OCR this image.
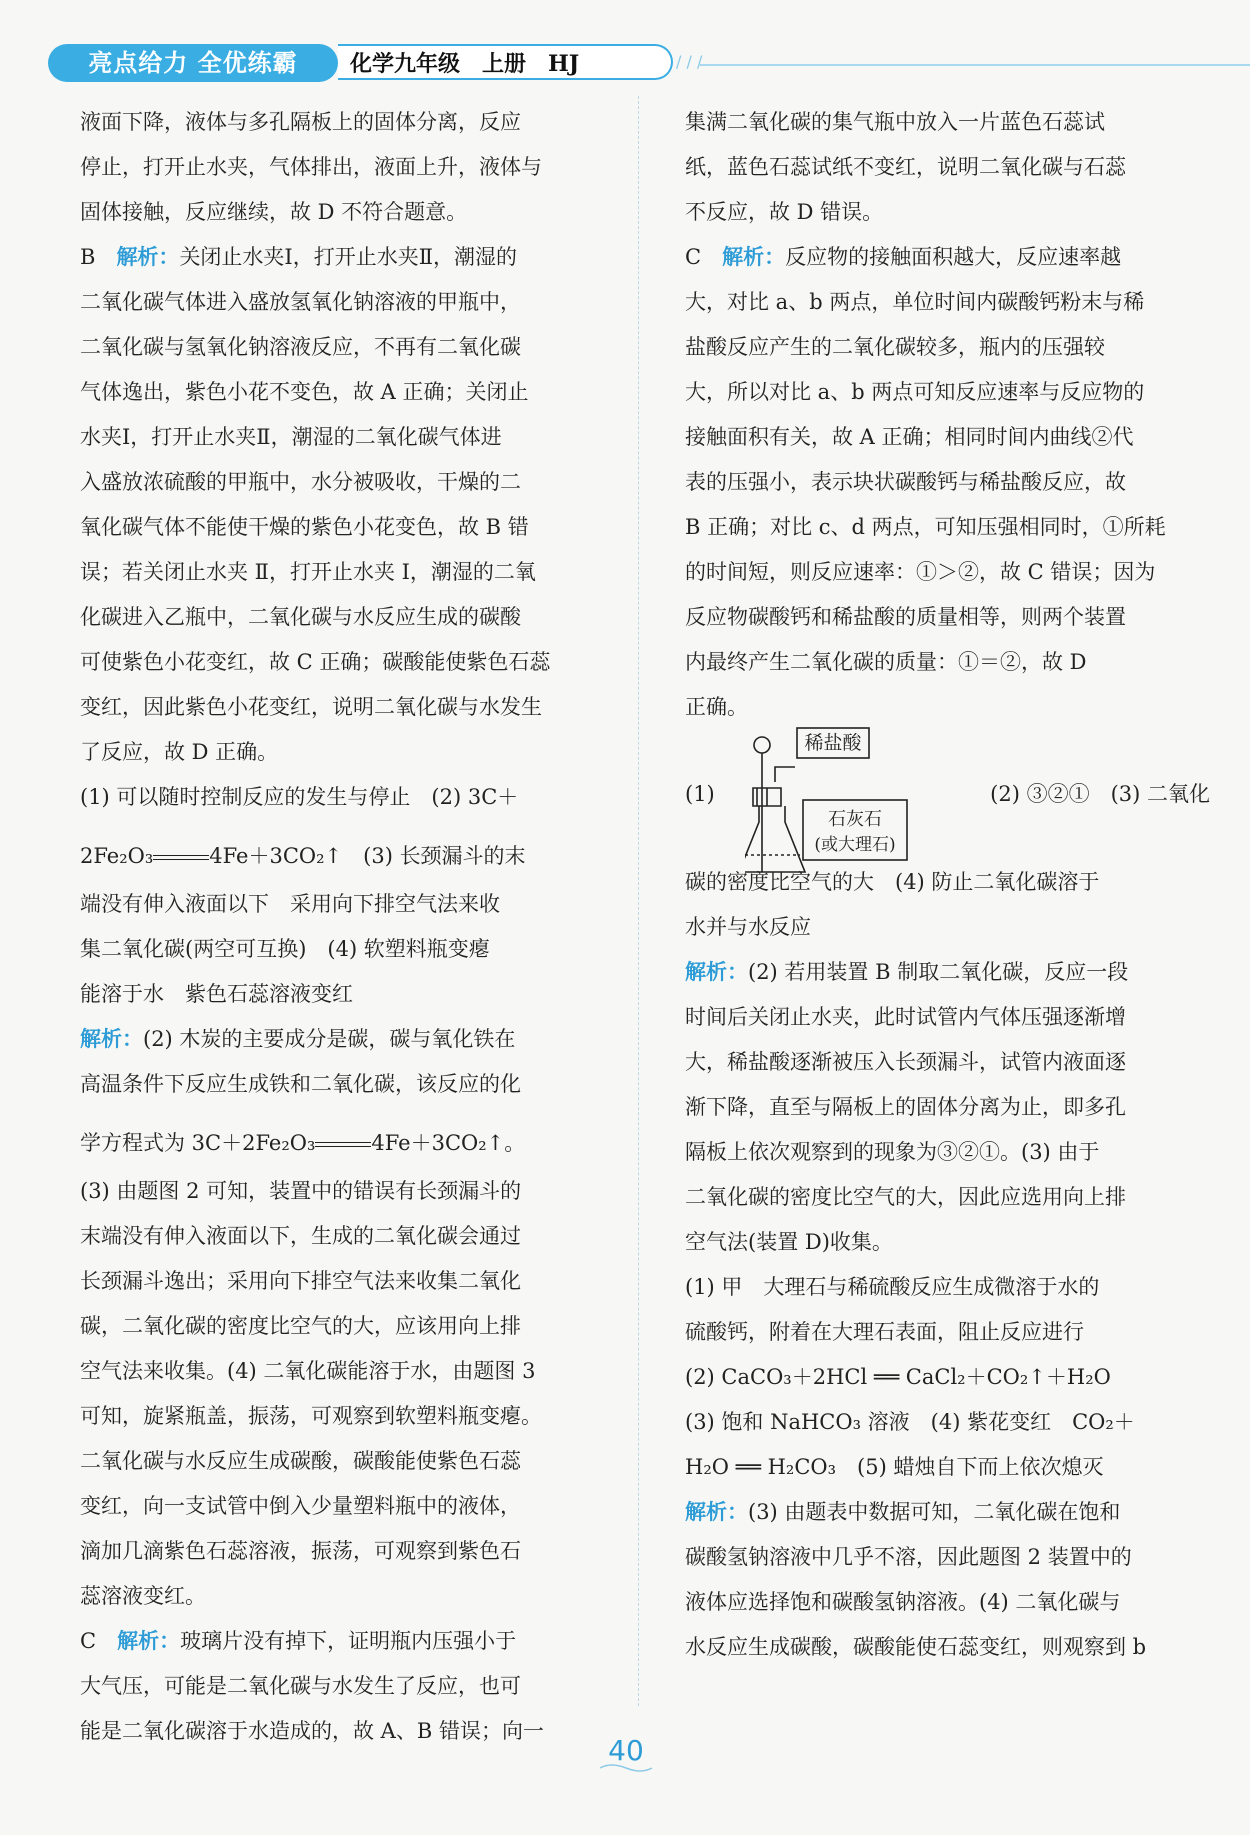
亮点给力 全优练霸	化学九年级　上册 HJ	/ / /
液面下降，液体与多孔隔板上的固体分离，反应
停止，打开止水夹，气体排出，液面上升，液体与
固体接触，反应继续，故 D 不符合题意。
B　 解析：关闭止水夹Ⅰ，打开止水夹Ⅱ，潮湿的
二氧化碳气体进入盛放氢氧化钠溶液的甲瓶中，
二氧化碳与氢氧化钠溶液反应，不再有二氧化碳
气体逸出，紫色小花不变色，故 A 正确；关闭止
水夹Ⅰ，打开止水夹Ⅱ，潮湿的二氧化碳气体进
入盛放浓硫酸的甲瓶中，水分被吸收，干燥的二
氧化碳气体不能使干燥的紫色小花变色，故 B 错
误；若关闭止水夹 Ⅱ，打开止水夹 Ⅰ，潮湿的二氧
化碳进入乙瓶中，二氧化碳与水反应生成的碳酸
可使紫色小花变红，故 C 正确；碳酸能使紫色石蕊
变红，因此紫色小花变红，说明二氧化碳与水发生
了反应，故 D 正确。
(1) 可以随时控制反应的发生与停止　(2) 3C＋
2Fe₂O₃	4Fe＋3CO₂↑　 (3) 长颈漏斗的末
端没有伸入液面以下　采用向下排空气法来收
集二氧化碳(两空可互换)　(4) 软塑料瓶变瘪
能溶于水　紫色石蕊溶液变红
解析：(2) 木炭的主要成分是碳，碳与氧化铁在
高温条件下反应生成铁和二氧化碳，该反应的化
学方程式为 3C＋2Fe₂O₃	4Fe＋3CO₂↑。
(3) 由题图 2 可知，装置中的错误有长颈漏斗的
末端没有伸入液面以下，生成的二氧化碳会通过
长颈漏斗逸出；采用向下排空气法来收集二氧化
碳，二氧化碳的密度比空气的大，应该用向上排
空气法来收集。(4) 二氧化碳能溶于水，由题图 3
可知，旋紧瓶盖，振荡，可观察到软塑料瓶变瘪。
二氧化碳与水反应生成碳酸，碳酸能使紫色石蕊
变红，向一支试管中倒入少量塑料瓶中的液体，
滴加几滴紫色石蕊溶液，振荡，可观察到紫色石
蕊溶液变红。
C　 解析：玻璃片没有掉下，证明瓶内压强小于
大气压，可能是二氧化碳与水发生了反应，也可
能是二氧化碳溶于水造成的，故 A、B 错误；向一
集满二氧化碳的集气瓶中放入一片蓝色石蕊试
纸，蓝色石蕊试纸不变红，说明二氧化碳与石蕊
不反应，故 D 错误。
C　 解析：反应物的接触面积越大，反应速率越
大，对比 a、b 两点，单位时间内碳酸钙粉末与稀
盐酸反应产生的二氧化碳较多，瓶内的压强较
大，所以对比 a、b 两点可知反应速率与反应物的
接触面积有关，故 A 正确；相同时间内曲线②代
表的压强小，表示块状碳酸钙与稀盐酸反应，故
B 正确；对比 c、d 两点，可知压强相同时，①所耗
的时间短，则反应速率：①＞②，故 C 错误；因为
反应物碳酸钙和稀盐酸的质量相等，则两个装置
内最终产生二氧化碳的质量：①＝②，故 D
正确。
(1)	(2) ③②①　(3) 二氧化
碳的密度比空气的大　(4) 防止二氧化碳溶于
水并与水反应
解析：(2) 若用装置 B 制取二氧化碳，反应一段
时间后关闭止水夹，此时试管内气体压强逐渐增
大，稀盐酸逐渐被压入长颈漏斗，试管内液面逐
渐下降，直至与隔板上的固体分离为止，即多孔
隔板上依次观察到的现象为③②①。(3) 由于
二氧化碳的密度比空气的大，因此应选用向上排
空气法(装置 D)收集。
(1) 甲　大理石与稀硫酸反应生成微溶于水的
硫酸钙，附着在大理石表面，阻止反应进行
(2) CaCO₃＋2HCl ══ CaCl₂＋CO₂↑＋H₂O
(3) 饱和 NaHCO₃ 溶液　(4) 紫花变红　CO₂＋
H₂O ══ H₂CO₃　(5) 蜡烛自下而上依次熄灭
解析：(3) 由题表中数据可知，二氧化碳在饱和
碳酸氢钠溶液中几乎不溶，因此题图 2 装置中的
液体应选择饱和碳酸氢钠溶液。(4) 二氧化碳与
水反应生成碳酸，碳酸能使石蕊变红，则观察到 b
稀盐酸
石灰石
(或大理石)
40
